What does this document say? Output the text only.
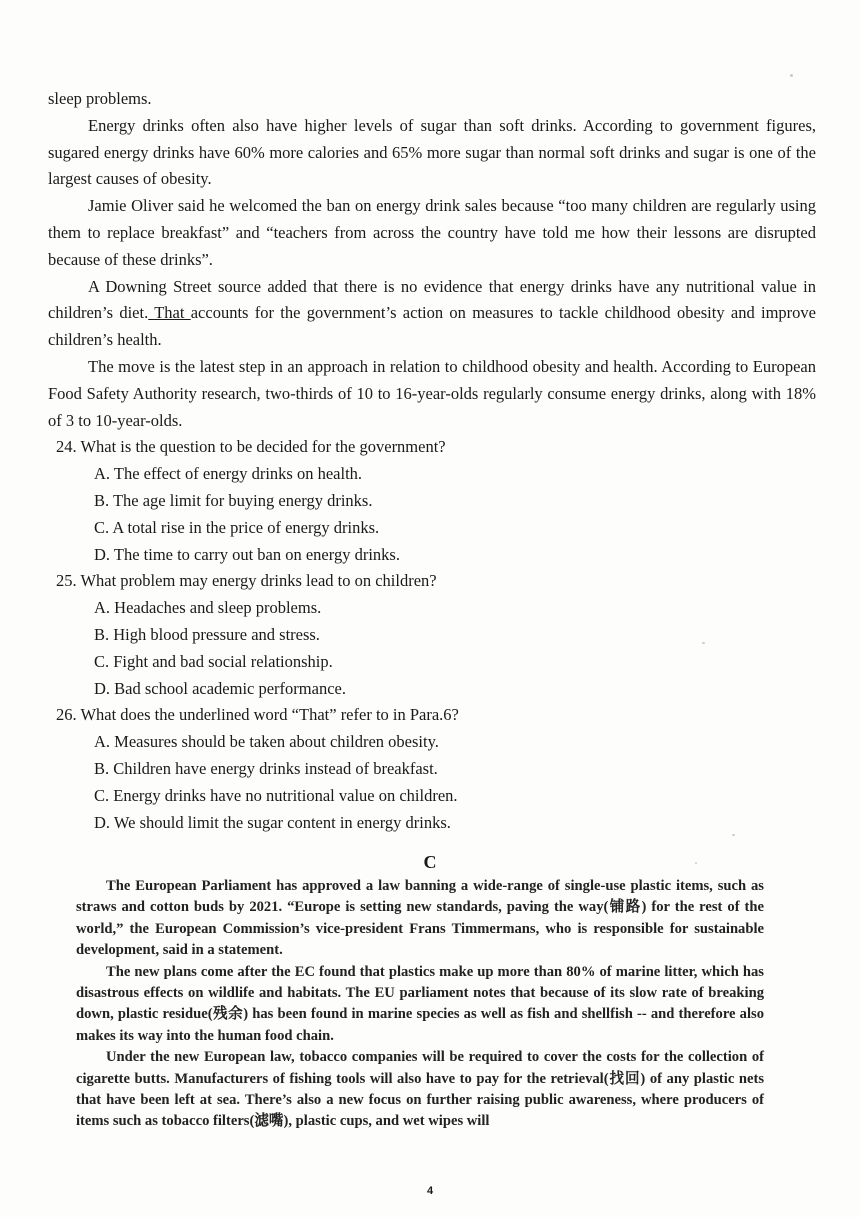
sleep problems.

Energy drinks often also have higher levels of sugar than soft drinks. According to government figures, sugared energy drinks have 60% more calories and 65% more sugar than normal soft drinks and sugar is one of the largest causes of obesity.

Jamie Oliver said he welcomed the ban on energy drink sales because “too many children are regularly using them to replace breakfast” and “teachers from across the country have told me how their lessons are disrupted because of these drinks”.

A Downing Street source added that there is no evidence that energy drinks have any nutritional value in children’s diet. That accounts for the government’s action on measures to tackle childhood obesity and improve children’s health.

The move is the latest step in an approach in relation to childhood obesity and health. According to European Food Safety Authority research, two-thirds of 10 to 16-year-olds regularly consume energy drinks, along with 18% of 3 to 10-year-olds.

24. What is the question to be decided for the government?

A. The effect of energy drinks on health.

B. The age limit for buying energy drinks.

C. A total rise in the price of energy drinks.

D. The time to carry out ban on energy drinks.

25. What problem may energy drinks lead to on children?

A. Headaches and sleep problems.

B. High blood pressure and stress.

C. Fight and bad social relationship.

D. Bad school academic performance.

26. What does the underlined word “That” refer to in Para.6?

A. Measures should be taken about children obesity.

B. Children have energy drinks instead of breakfast.

C. Energy drinks have no nutritional value on children.

D. We should limit the sugar content in energy drinks.

C

The European Parliament has approved a law banning a wide-range of single-use plastic items, such as straws and cotton buds by 2021. “Europe is setting new standards, paving the way(铺路) for the rest of the world,” the European Commission’s vice-president Frans Timmermans, who is responsible for sustainable development, said in a statement.

The new plans come after the EC found that plastics make up more than 80% of marine litter, which has disastrous effects on wildlife and habitats. The EU parliament notes that because of its slow rate of breaking down, plastic residue(残余) has been found in marine species as well as fish and shellfish -- and therefore also makes its way into the human food chain.

Under the new European law, tobacco companies will be required to cover the costs for the collection of cigarette butts. Manufacturers of fishing tools will also have to pay for the retrieval(找回) of any plastic nets that have been left at sea. There’s also a new focus on further raising public awareness, where producers of items such as tobacco filters(滤嘴), plastic cups, and wet wipes will

4
